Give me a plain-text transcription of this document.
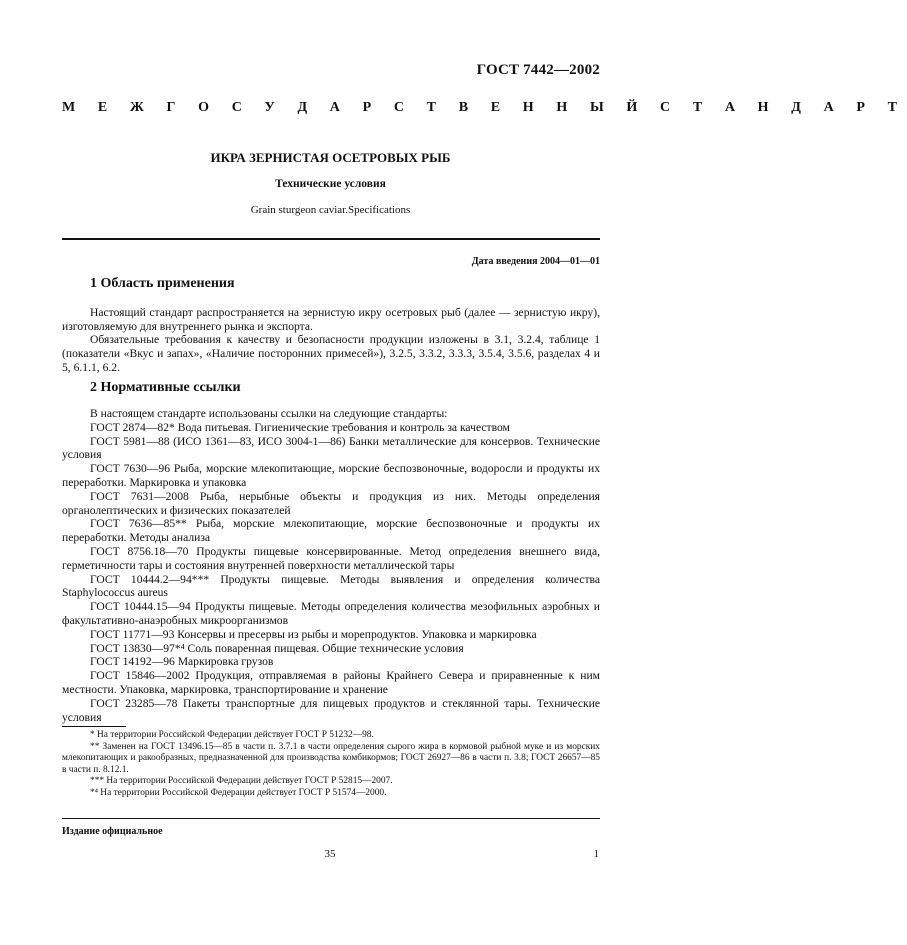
ГОСТ 7442—2002
М Е Ж Г О С У Д А Р С Т В Е Н Н Ы Й С Т А Н Д А Р Т
ИКРА ЗЕРНИСТАЯ ОСЕТРОВЫХ РЫБ
Технические условия
Grain sturgeon caviar.Specifications
Дата введения 2004—01—01
1 Область применения

Настоящий стандарт распространяется на зернистую икру осетровых рыб (далее — зернистую икру), изготовляемую для внутреннего рынка и экспорта.

Обязательные требования к качеству и безопасности продукции изложены в 3.1, 3.2.4, таблице 1 (показатели «Вкус и запах», «Наличие посторонних примесей»), 3.2.5, 3.3.2, 3.3.3, 3.5.4, 3.5.6, разделах 4 и 5, 6.1.1, 6.2.

2 Нормативные ссылки

В настоящем стандарте использованы ссылки на следующие стандарты:

ГОСТ 2874—82* Вода питьевая. Гигиенические требования и контроль за качеством

ГОСТ 5981—88 (ИСО 1361—83, ИСО 3004-1—86) Банки металлические для консервов. Технические условия

ГОСТ 7630—96 Рыба, морские млекопитающие, морские беспозвоночные, водоросли и продукты их переработки. Маркировка и упаковка

ГОСТ 7631—2008 Рыба, нерыбные объекты и продукция из них. Методы определения органолептических и физических показателей

ГОСТ 7636—85** Рыба, морские млекопитающие, морские беспозвоночные и продукты их переработки. Методы анализа

ГОСТ 8756.18—70 Продукты пищевые консервированные. Метод определения внешнего вида, герметичности тары и состояния внутренней поверхности металлической тары

ГОСТ 10444.2—94*** Продукты пищевые. Методы выявления и определения количества Staphylococcus aureus

ГОСТ 10444.15—94 Продукты пищевые. Методы определения количества мезофильных аэробных и факультативно-анаэробных микроорганизмов

ГОСТ 11771—93 Консервы и пресервы из рыбы и морепродуктов. Упаковка и маркировка

ГОСТ 13830—97*⁴ Соль поваренная пищевая. Общие технические условия

ГОСТ 14192—96 Маркировка грузов

ГОСТ 15846—2002 Продукция, отправляемая в районы Крайнего Севера и приравненные к ним местности. Упаковка, маркировка, транспортирование и хранение

ГОСТ 23285—78 Пакеты транспортные для пищевых продуктов и стеклянной тары. Технические условия

* На территории Российской Федерации действует ГОСТ Р 51232—98.

** Заменен на ГОСТ 13496.15—85 в части п. 3.7.1 в части определения сырого жира в кормовой рыбной муке и из морских млекопитающих и ракообразных, предназначенной для производства комбикормов; ГОСТ 26927—86 в части п. 3.8; ГОСТ 26657—85 в части п. 8.12.1.

*** На территории Российской Федерации действует ГОСТ Р 52815—2007.

*⁴ На территории Российской Федерации действует ГОСТ Р 51574—2000.

Издание официальное
35	1
